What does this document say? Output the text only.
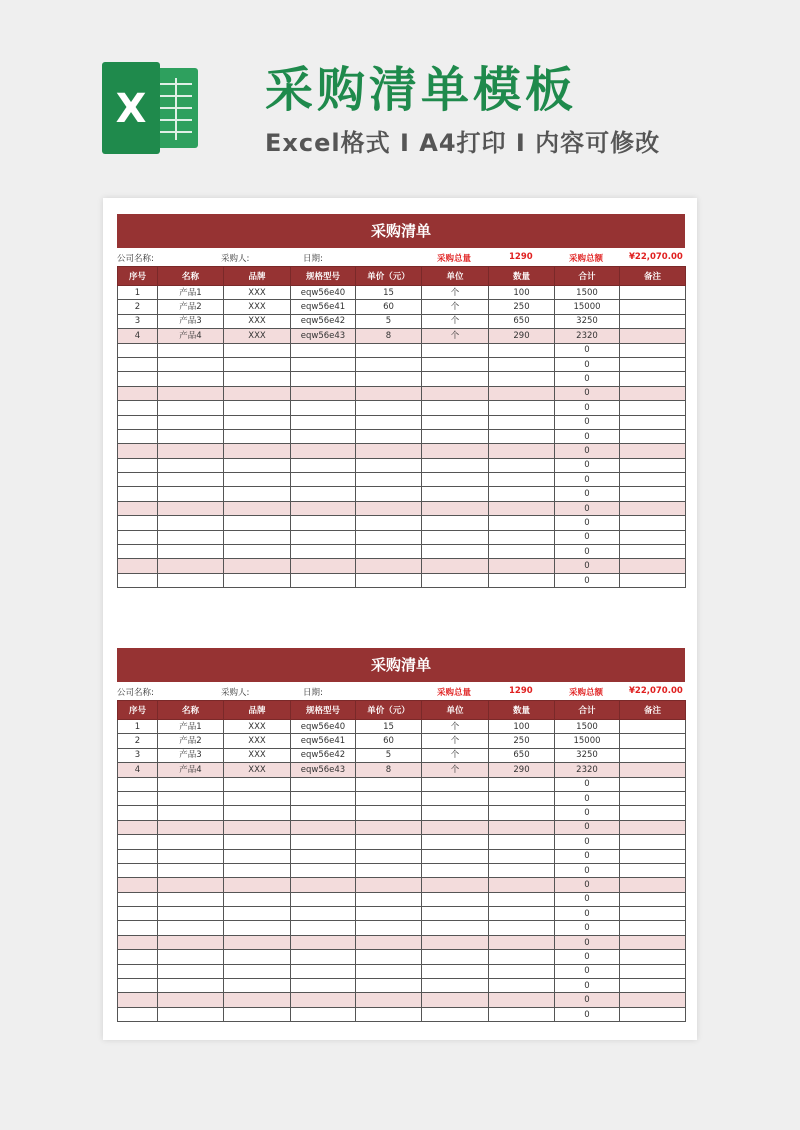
X 采购清单模板
Excel格式 I A4打印 I 内容可修改
采购清单
公司名称:	采购人:	日期:	采购总量	1290	采购总额	¥22,070.00
序号	名称	品牌	规格型号	单价（元）	单位	数量	合计	备注
1	产品1	XXX	eqw56e40	15	个	100	1500	
2	产品2	XXX	eqw56e41	60	个	250	15000	
3	产品3	XXX	eqw56e42	5	个	650	3250	
4	产品4	XXX	eqw56e43	8	个	290	2320	
							0	
							0	
							0	
							0	
							0	
							0	
							0	
							0	
							0	
							0	
							0	
							0	
							0	
							0	
							0	
							0	
							0	
采购清单
公司名称:	采购人:	日期:	采购总量	1290	采购总额	¥22,070.00
序号	名称	品牌	规格型号	单价（元）	单位	数量	合计	备注
1	产品1	XXX	eqw56e40	15	个	100	1500	
2	产品2	XXX	eqw56e41	60	个	250	15000	
3	产品3	XXX	eqw56e42	5	个	650	3250	
4	产品4	XXX	eqw56e43	8	个	290	2320	
							0	
							0	
							0	
							0	
							0	
							0	
							0	
							0	
							0	
							0	
							0	
							0	
							0	
							0	
							0	
							0	
							0	
